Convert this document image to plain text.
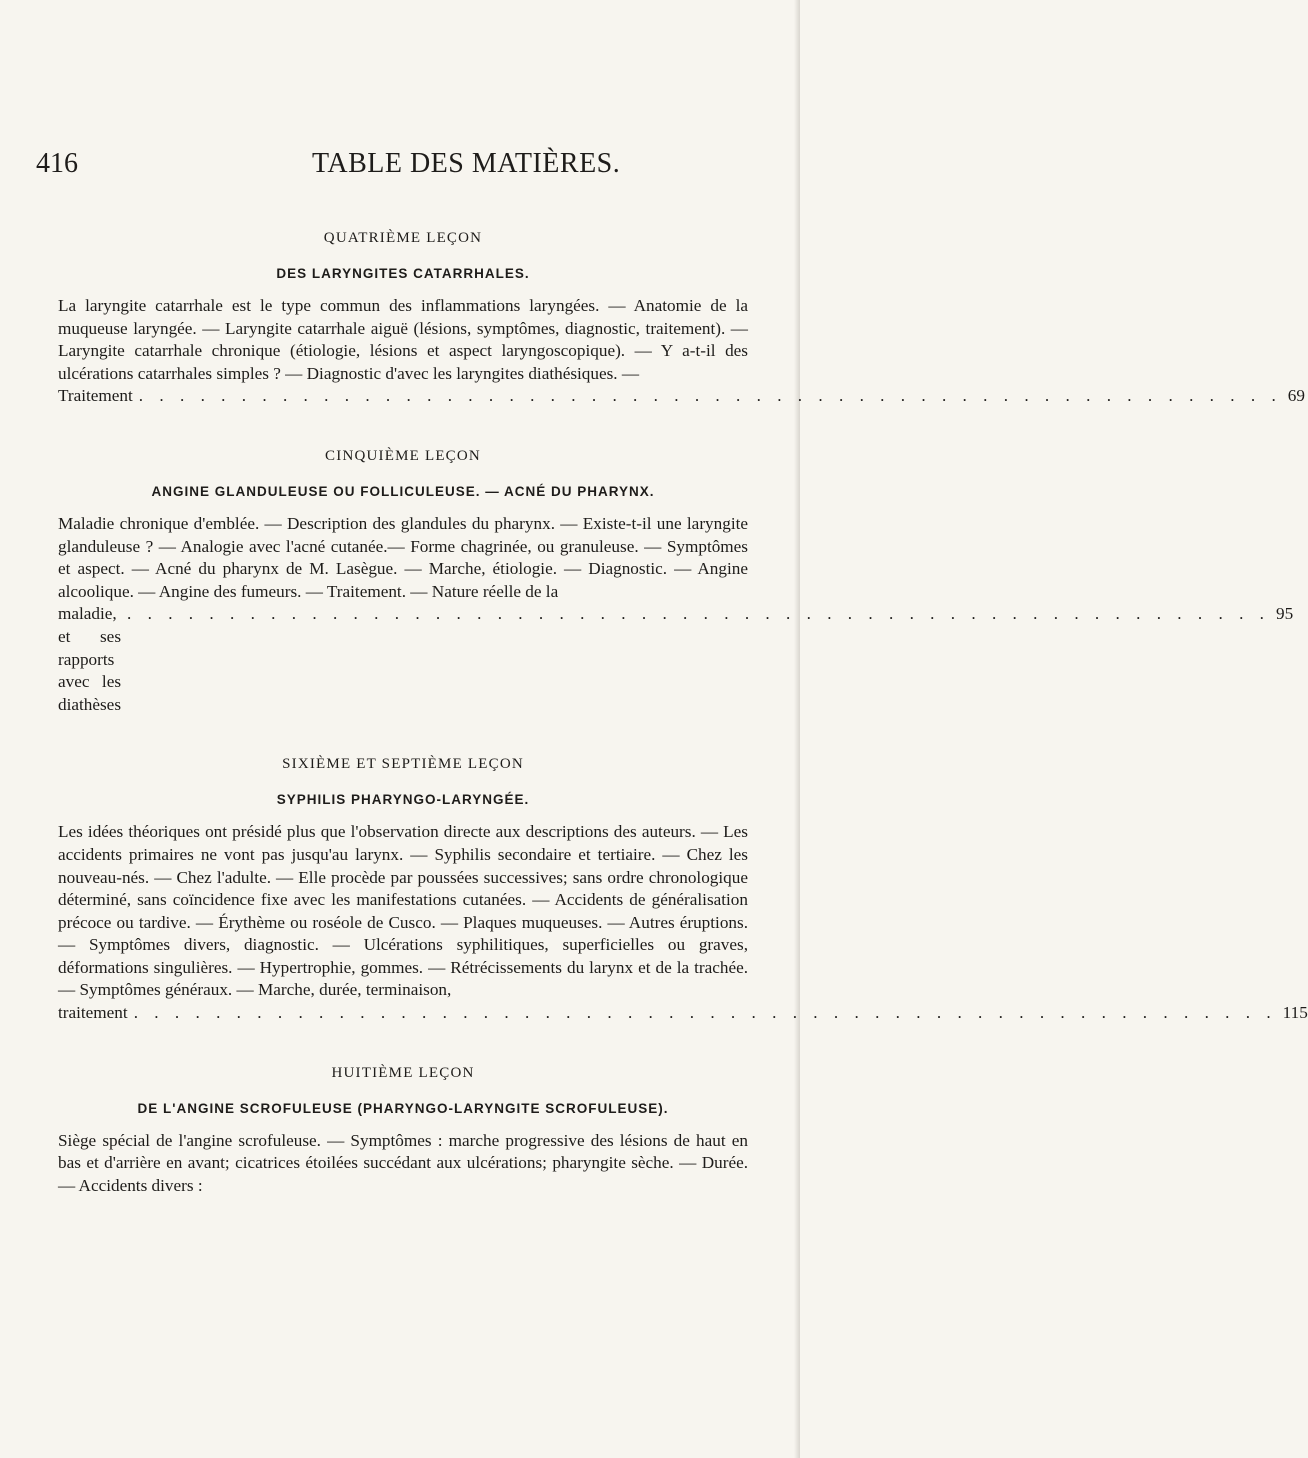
416	TABLE DES MATIÈRES.

QUATRIÈME LEÇON

DES LARYNGITES CATARRHALES.

La laryngite catarrhale est le type commun des inflammations laryngées. — Anatomie de la muqueuse laryngée. — Laryngite catarrhale aiguë (lésions, symptômes, diagnostic, traitement). — Laryngite catarrhale chronique (étiologie, lésions et aspect laryngoscopique). — Y a-t-il des ulcérations catarrhales simples ? — Diagnostic d'avec les laryngites diathésiques. —
Traitement . . . . . . . . . . . . . . . . . . . . . . . . . . . . . . . . . . . . . . . . . . . . . . . . . . . . . . . . 69

CINQUIÈME LEÇON

ANGINE GLANDULEUSE OU FOLLICULEUSE. — ACNÉ DU PHARYNX.

Maladie chronique d'emblée. — Description des glandules du pharynx. — Existe-t-il une laryngite glanduleuse ? — Analogie avec l'acné cutanée.— Forme chagrinée, ou granuleuse. — Symptômes et aspect. — Acné du pharynx de M. Lasègue. — Marche, étiologie. — Diagnostic. — Angine alcoolique. — Angine des fumeurs. — Traitement. — Nature réelle de la
maladie, et ses rapports avec les diathèses
. . . . . . . . . . . . . . . . . . . . . . . . . . . . . . . . . . . . . . . . . . . . . . . . . . . . . . . . 95

SIXIÈME ET SEPTIÈME LEÇON

SYPHILIS PHARYNGO-LARYNGÉE.

Les idées théoriques ont présidé plus que l'observation directe aux descriptions des auteurs. — Les accidents primaires ne vont pas jusqu'au larynx. — Syphilis secondaire et tertiaire. — Chez les nouveau-nés. — Chez l'adulte. — Elle procède par poussées successives; sans ordre chronologique déterminé, sans coïncidence fixe avec les manifestations cutanées. — Accidents de généralisation précoce ou tardive. — Érythème ou roséole de Cusco. — Plaques muqueuses. — Autres éruptions. — Symptômes divers, diagnostic. — Ulcérations syphilitiques, superficielles ou graves, déformations singulières. — Hypertrophie, gommes. — Rétrécissements du larynx et de la trachée. — Symptômes généraux. — Marche, durée, terminaison,
traitement . . . . . . . . . . . . . . . . . . . . . . . . . . . . . . . . . . . . . . . . . . . . . . . . . . . . . . . . 115

HUITIÈME LEÇON

DE L'ANGINE SCROFULEUSE (PHARYNGO-LARYNGITE SCROFULEUSE).

Siège spécial de l'angine scrofuleuse. — Symptômes : marche progressive des lésions de haut en bas et d'arrière en avant; cicatrices étoilées succédant aux ulcérations; pharyngite sèche. — Durée. — Accidents divers :
